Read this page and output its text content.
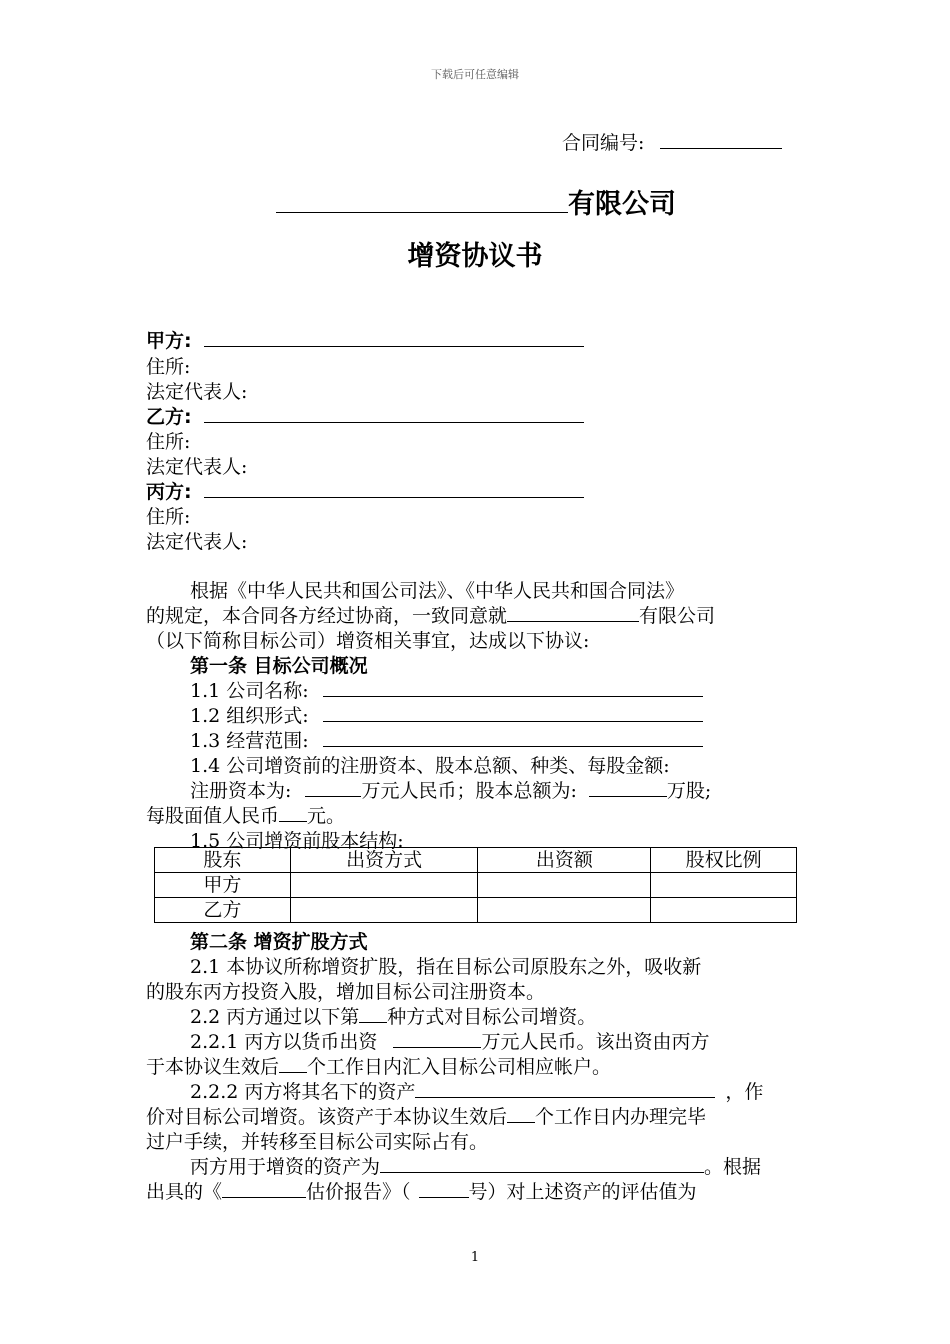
下载后可任意编辑
合同编号:
有限公司
增资协议书
甲方:
住所:
法定代表人:
乙方:
住所:
法定代表人:
丙方:
住所:
法定代表人:
根据《中华人民共和国公司法》、《中华人民共和国合同法》
的规定，本合同各方经过协商，一致同意就	有限公司
（以下简称目标公司）增资相关事宜，达成以下协议:
第一条 目标公司概况
1.1 公司名称:
1.2 组织形式:
1.3 经营范围:
1.4 公司增资前的注册资本、股本总额、种类、每股金额:
注册资本为:	万元人民币；股本总额为:	万股;
每股面值人民币 元。
1.5 公司增资前股本结构:
股东	出资方式	出资额	股权比例
甲方			
乙方			
第二条 增资扩股方式
2.1 本协议所称增资扩股，指在目标公司原股东之外，吸收新
的股东丙方投资入股，增加目标公司注册资本。
2.2 丙方通过以下第 种方式对目标公司增资。
2.2.1 丙方以货币出资	万元人民币。该出资由丙方
于本协议生效后 个工作日内汇入目标公司相应帐户。
2.2.2 丙方将其名下的资产	，作
价对目标公司增资。该资产于本协议生效后 个工作日内办理完毕
过户手续，并转移至目标公司实际占有。
丙方用于增资的资产为	。根据
出具的《	估价报告》（	号）对上述资产的评估值为
1
